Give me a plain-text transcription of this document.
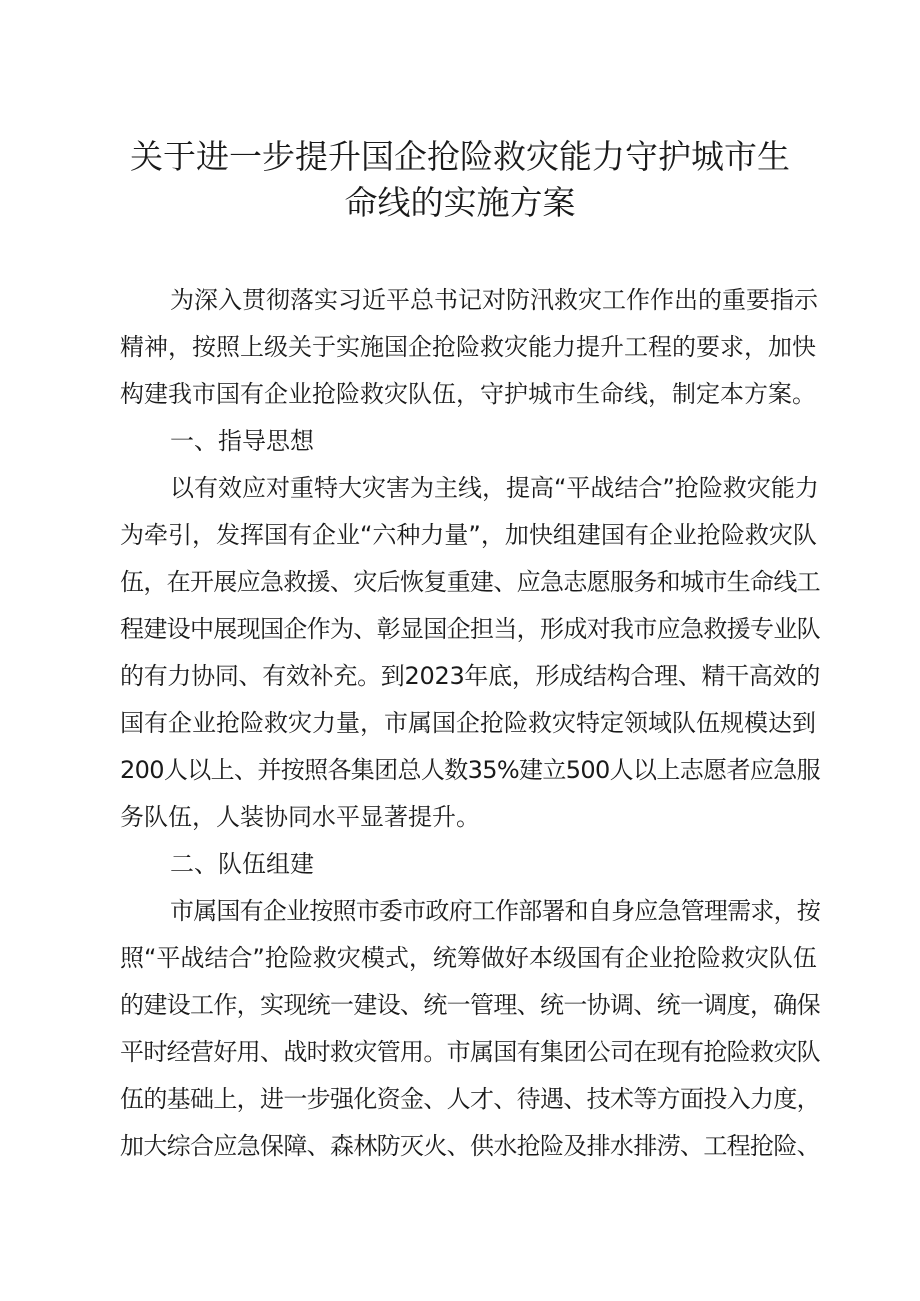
关于进一步提升国企抢险救灾能力守护城市生
命线的实施方案
为深入贯彻落实习近平总书记对防汛救灾工作作出的重要指示
精神，按照上级关于实施国企抢险救灾能力提升工程的要求，加快
构建我市国有企业抢险救灾队伍，守护城市生命线，制定本方案。
一、指导思想
以有效应对重特大灾害为主线，提高“平战结合”抢险救灾能力
为牵引，发挥国有企业“六种力量”，加快组建国有企业抢险救灾队
伍，在开展应急救援、灾后恢复重建、应急志愿服务和城市生命线工
程建设中展现国企作为、彰显国企担当，形成对我市应急救援专业队
的有力协同、有效补充。到2023年底，形成结构合理、精干高效的
国有企业抢险救灾力量，市属国企抢险救灾特定领域队伍规模达到
200人以上、并按照各集团总人数35%建立500人以上志愿者应急服
务队伍，人装协同水平显著提升。
二、队伍组建
市属国有企业按照市委市政府工作部署和自身应急管理需求，按
照“平战结合”抢险救灾模式，统筹做好本级国有企业抢险救灾队伍
的建设工作，实现统一建设、统一管理、统一协调、统一调度，确保
平时经营好用、战时救灾管用。市属国有集团公司在现有抢险救灾队
伍的基础上，进一步强化资金、人才、待遇、技术等方面投入力度，
加大综合应急保障、森林防灭火、供水抢险及排水排涝、工程抢险、
